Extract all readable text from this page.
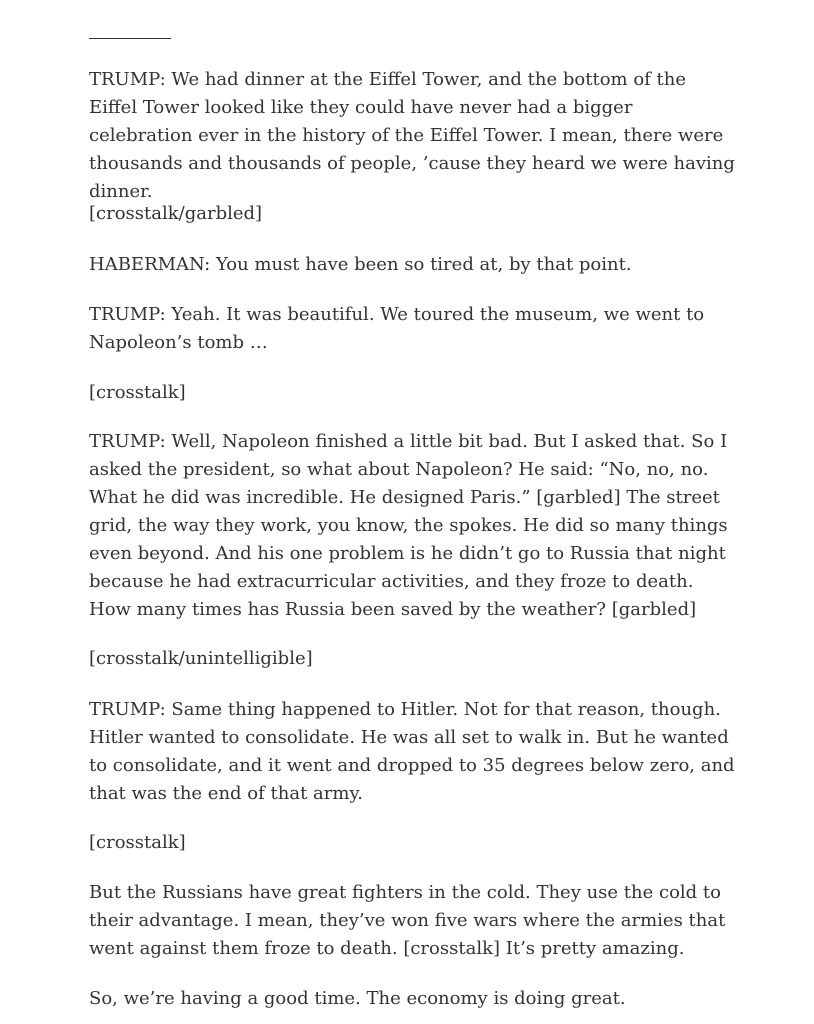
TRUMP: We had dinner at the Eiffel Tower, and the bottom of the Eiffel Tower looked like they could have never had a bigger celebration ever in the history of the Eiffel Tower. I mean, there were thousands and thousands of people, ’cause they heard we were having dinner.

[crosstalk/garbled]

HABERMAN: You must have been so tired at, by that point.

TRUMP: Yeah. It was beautiful. We toured the museum, we went to Napoleon’s tomb …

[crosstalk]

TRUMP: Well, Napoleon finished a little bit bad. But I asked that. So I asked the president, so what about Napoleon? He said: “No, no, no. What he did was incredible. He designed Paris.” [garbled] The street grid, the way they work, you know, the spokes. He did so many things even beyond. And his one problem is he didn’t go to Russia that night because he had extracurricular activities, and they froze to death. How many times has Russia been saved by the weather? [garbled]

[crosstalk/unintelligible]

TRUMP: Same thing happened to Hitler. Not for that reason, though. Hitler wanted to consolidate. He was all set to walk in. But he wanted to consolidate, and it went and dropped to 35 degrees below zero, and that was the end of that army.

[crosstalk]

But the Russians have great fighters in the cold. They use the cold to their advantage. I mean, they’ve won five wars where the armies that went against them froze to death. [crosstalk] It’s pretty amazing.

So, we’re having a good time. The economy is doing great.
